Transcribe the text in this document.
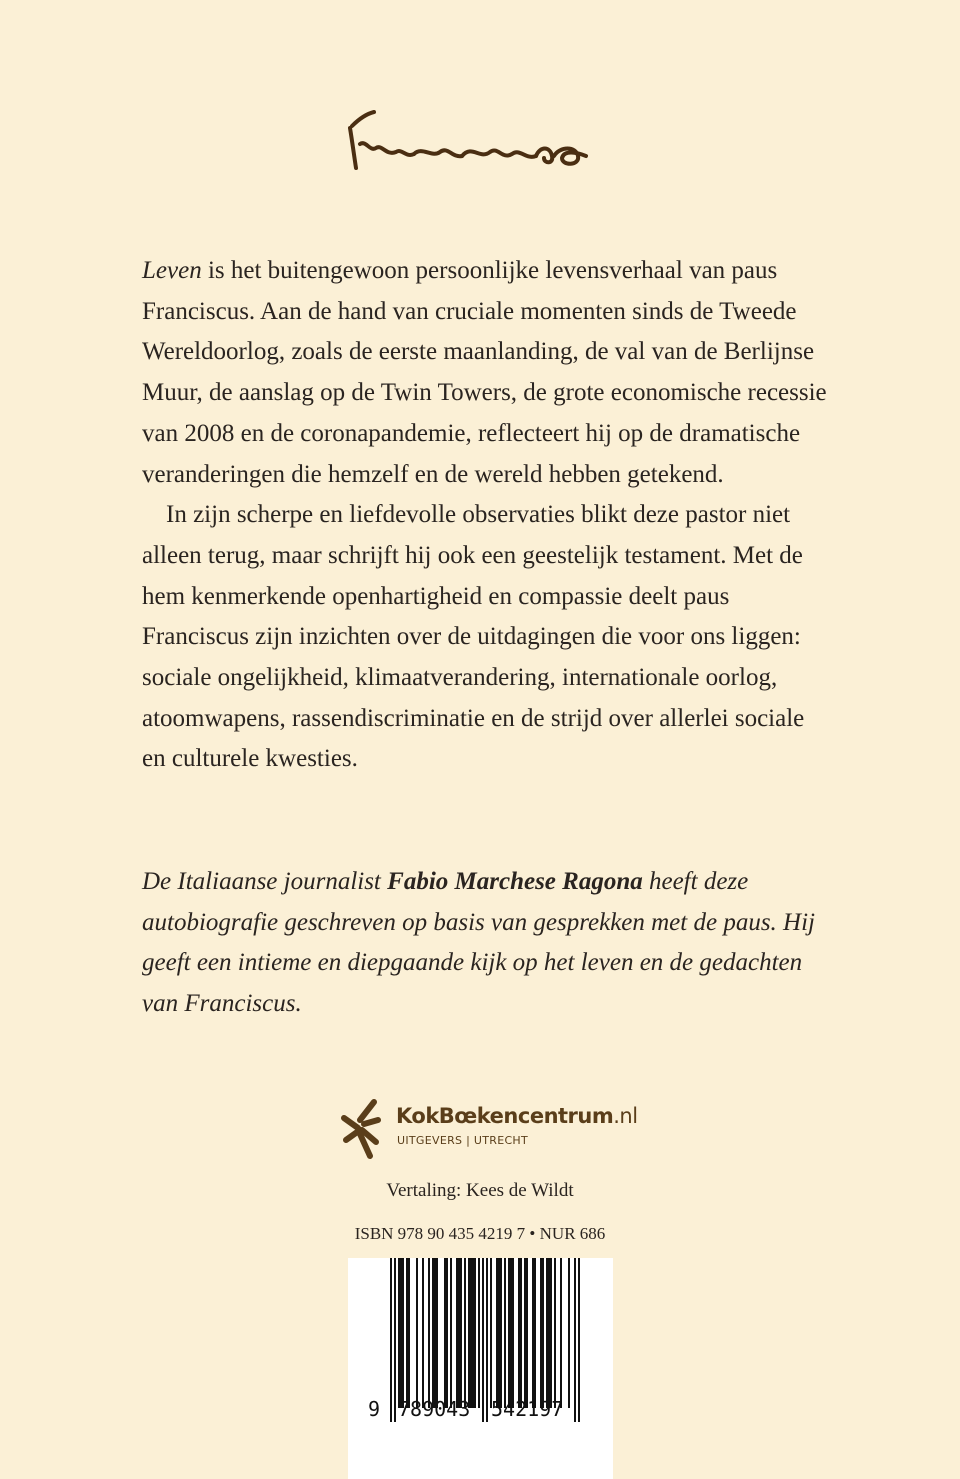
Leven is het buitengewoon persoonlijke levensverhaal van paus Franciscus. Aan de hand van cruciale momenten sinds de Tweede Wereldoorlog, zoals de eerste maanlanding, de val van de Berlijnse Muur, de aanslag op de Twin Towers, de grote economische recessie van 2008 en de coronapandemie, reflecteert hij op de dramatische veranderingen die hemzelf en de wereld hebben getekend.

In zijn scherpe en liefdevolle observaties blikt deze pastor niet alleen terug, maar schrijft hij ook een geestelijk testament. Met de hem kenmerkende openhartigheid en compassie deelt paus Franciscus zijn inzichten over de uitdagingen die voor ons liggen: sociale ongelijkheid, klimaatverandering, internationale oorlog, atoomwapens, rassendiscriminatie en de strijd over allerlei sociale en culturele kwesties.

De Italiaanse journalist Fabio Marchese Ragona heeft deze autobiografie geschreven op basis van gesprekken met de paus. Hij geeft een intieme en diepgaande kijk op het leven en de gedachten van Franciscus.
KokBœkencentrum.nl
UITGEVERS | UTRECHT
Vertaling: Kees de Wildt
ISBN 978 90 435 4219 7 • NUR 686
9 789043 542197
